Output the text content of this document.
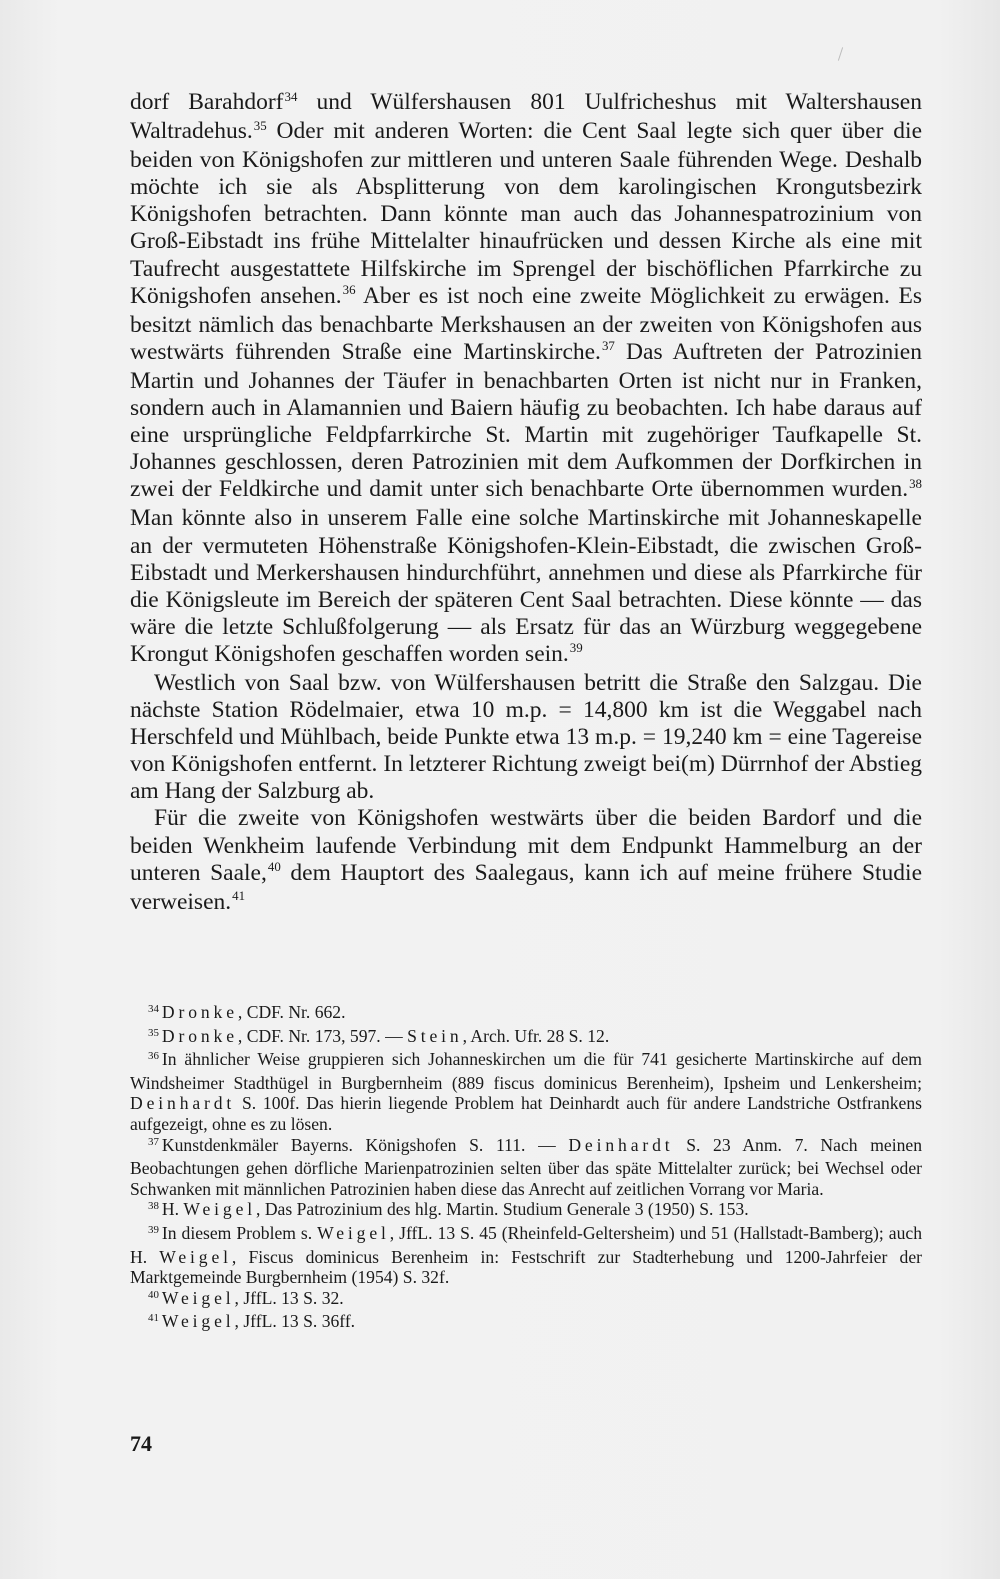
dorf Barahdorf$^{34}$ und Wülfershausen 801 Uulfricheshus mit Waltershausen Waltradehus.$^{35}$ Oder mit anderen Worten: die Cent Saal legte sich quer über die beiden von Königshofen zur mittleren und unteren Saale führenden Wege. Deshalb möchte ich sie als Absplitterung von dem karolingischen Krongutsbezirk Königshofen betrachten. Dann könnte man auch das Johannespatrozinium von Groß-Eibstadt ins frühe Mittelalter hinaufrücken und dessen Kirche als eine mit Taufrecht ausgestattete Hilfskirche im Sprengel der bischöflichen Pfarrkirche zu Königshofen ansehen.$^{36}$ Aber es ist noch eine zweite Möglichkeit zu erwägen. Es besitzt nämlich das benachbarte Merkshausen an der zweiten von Königshofen aus westwärts führenden Straße eine Martinskirche.$^{37}$ Das Auftreten der Patrozinien Martin und Johannes der Täufer in benachbarten Orten ist nicht nur in Franken, sondern auch in Alamannien und Baiern häufig zu beobachten. Ich habe daraus auf eine ursprüngliche Feldpfarrkirche St. Martin mit zugehöriger Taufkapelle St. Johannes geschlossen, deren Patrozinien mit dem Aufkommen der Dorfkirchen in zwei der Feldkirche und damit unter sich benachbarte Orte übernommen wurden.$^{38}$ Man könnte also in unserem Falle eine solche Martinskirche mit Johanneskapelle an der vermuteten Höhenstraße Königshofen-Klein-Eibstadt, die zwischen Groß-Eibstadt und Merkershausen hindurchführt, annehmen und diese als Pfarrkirche für die Königsleute im Bereich der späteren Cent Saal betrachten. Diese könnte — das wäre die letzte Schlußfolgerung — als Ersatz für das an Würzburg weggegebene Krongut Königshofen geschaffen worden sein.$^{39}$

Westlich von Saal bzw. von Wülfershausen betritt die Straße den Salzgau. Die nächste Station Rödelmaier, etwa 10 m.p. = 14,800 km ist die Weggabel nach Herschfeld und Mühlbach, beide Punkte etwa 13 m.p. = 19,240 km = eine Tagereise von Königshofen entfernt. In letzterer Richtung zweigt bei(m) Dürrnhof der Abstieg am Hang der Salzburg ab.

Für die zweite von Königshofen westwärts über die beiden Bardorf und die beiden Wenkheim laufende Verbindung mit dem Endpunkt Hammelburg an der unteren Saale,$^{40}$ dem Hauptort des Saalegaus, kann ich auf meine frühere Studie verweisen.$^{41}$

$^{34}$ Dronke, CDF. Nr. 662.

$^{35}$ Dronke, CDF. Nr. 173, 597. — Stein, Arch. Ufr. 28 S. 12.

$^{36}$ In ähnlicher Weise gruppieren sich Johanneskirchen um die für 741 gesicherte Martinskirche auf dem Windsheimer Stadthügel in Burgbernheim (889 fiscus dominicus Berenheim), Ipsheim und Lenkersheim; Deinhardt S. 100f. Das hierin liegende Problem hat Deinhardt auch für andere Landstriche Ostfrankens aufgezeigt, ohne es zu lösen.

$^{37}$ Kunstdenkmäler Bayerns. Königshofen S. 111. — Deinhardt S. 23 Anm. 7. Nach meinen Beobachtungen gehen dörfliche Marienpatrozinien selten über das späte Mittelalter zurück; bei Wechsel oder Schwanken mit männlichen Patrozinien haben diese das Anrecht auf zeitlichen Vorrang vor Maria.

$^{38}$ H. Weigel, Das Patrozinium des hlg. Martin. Studium Generale 3 (1950) S. 153.

$^{39}$ In diesem Problem s. Weigel, JffL. 13 S. 45 (Rheinfeld-Geltersheim) und 51 (Hallstadt-Bamberg); auch H. Weigel, Fiscus dominicus Berenheim in: Festschrift zur Stadterhebung und 1200-Jahrfeier der Marktgemeinde Burgbernheim (1954) S. 32f.

$^{40}$ Weigel, JffL. 13 S. 32.

$^{41}$ Weigel, JffL. 13 S. 36ff.

74
